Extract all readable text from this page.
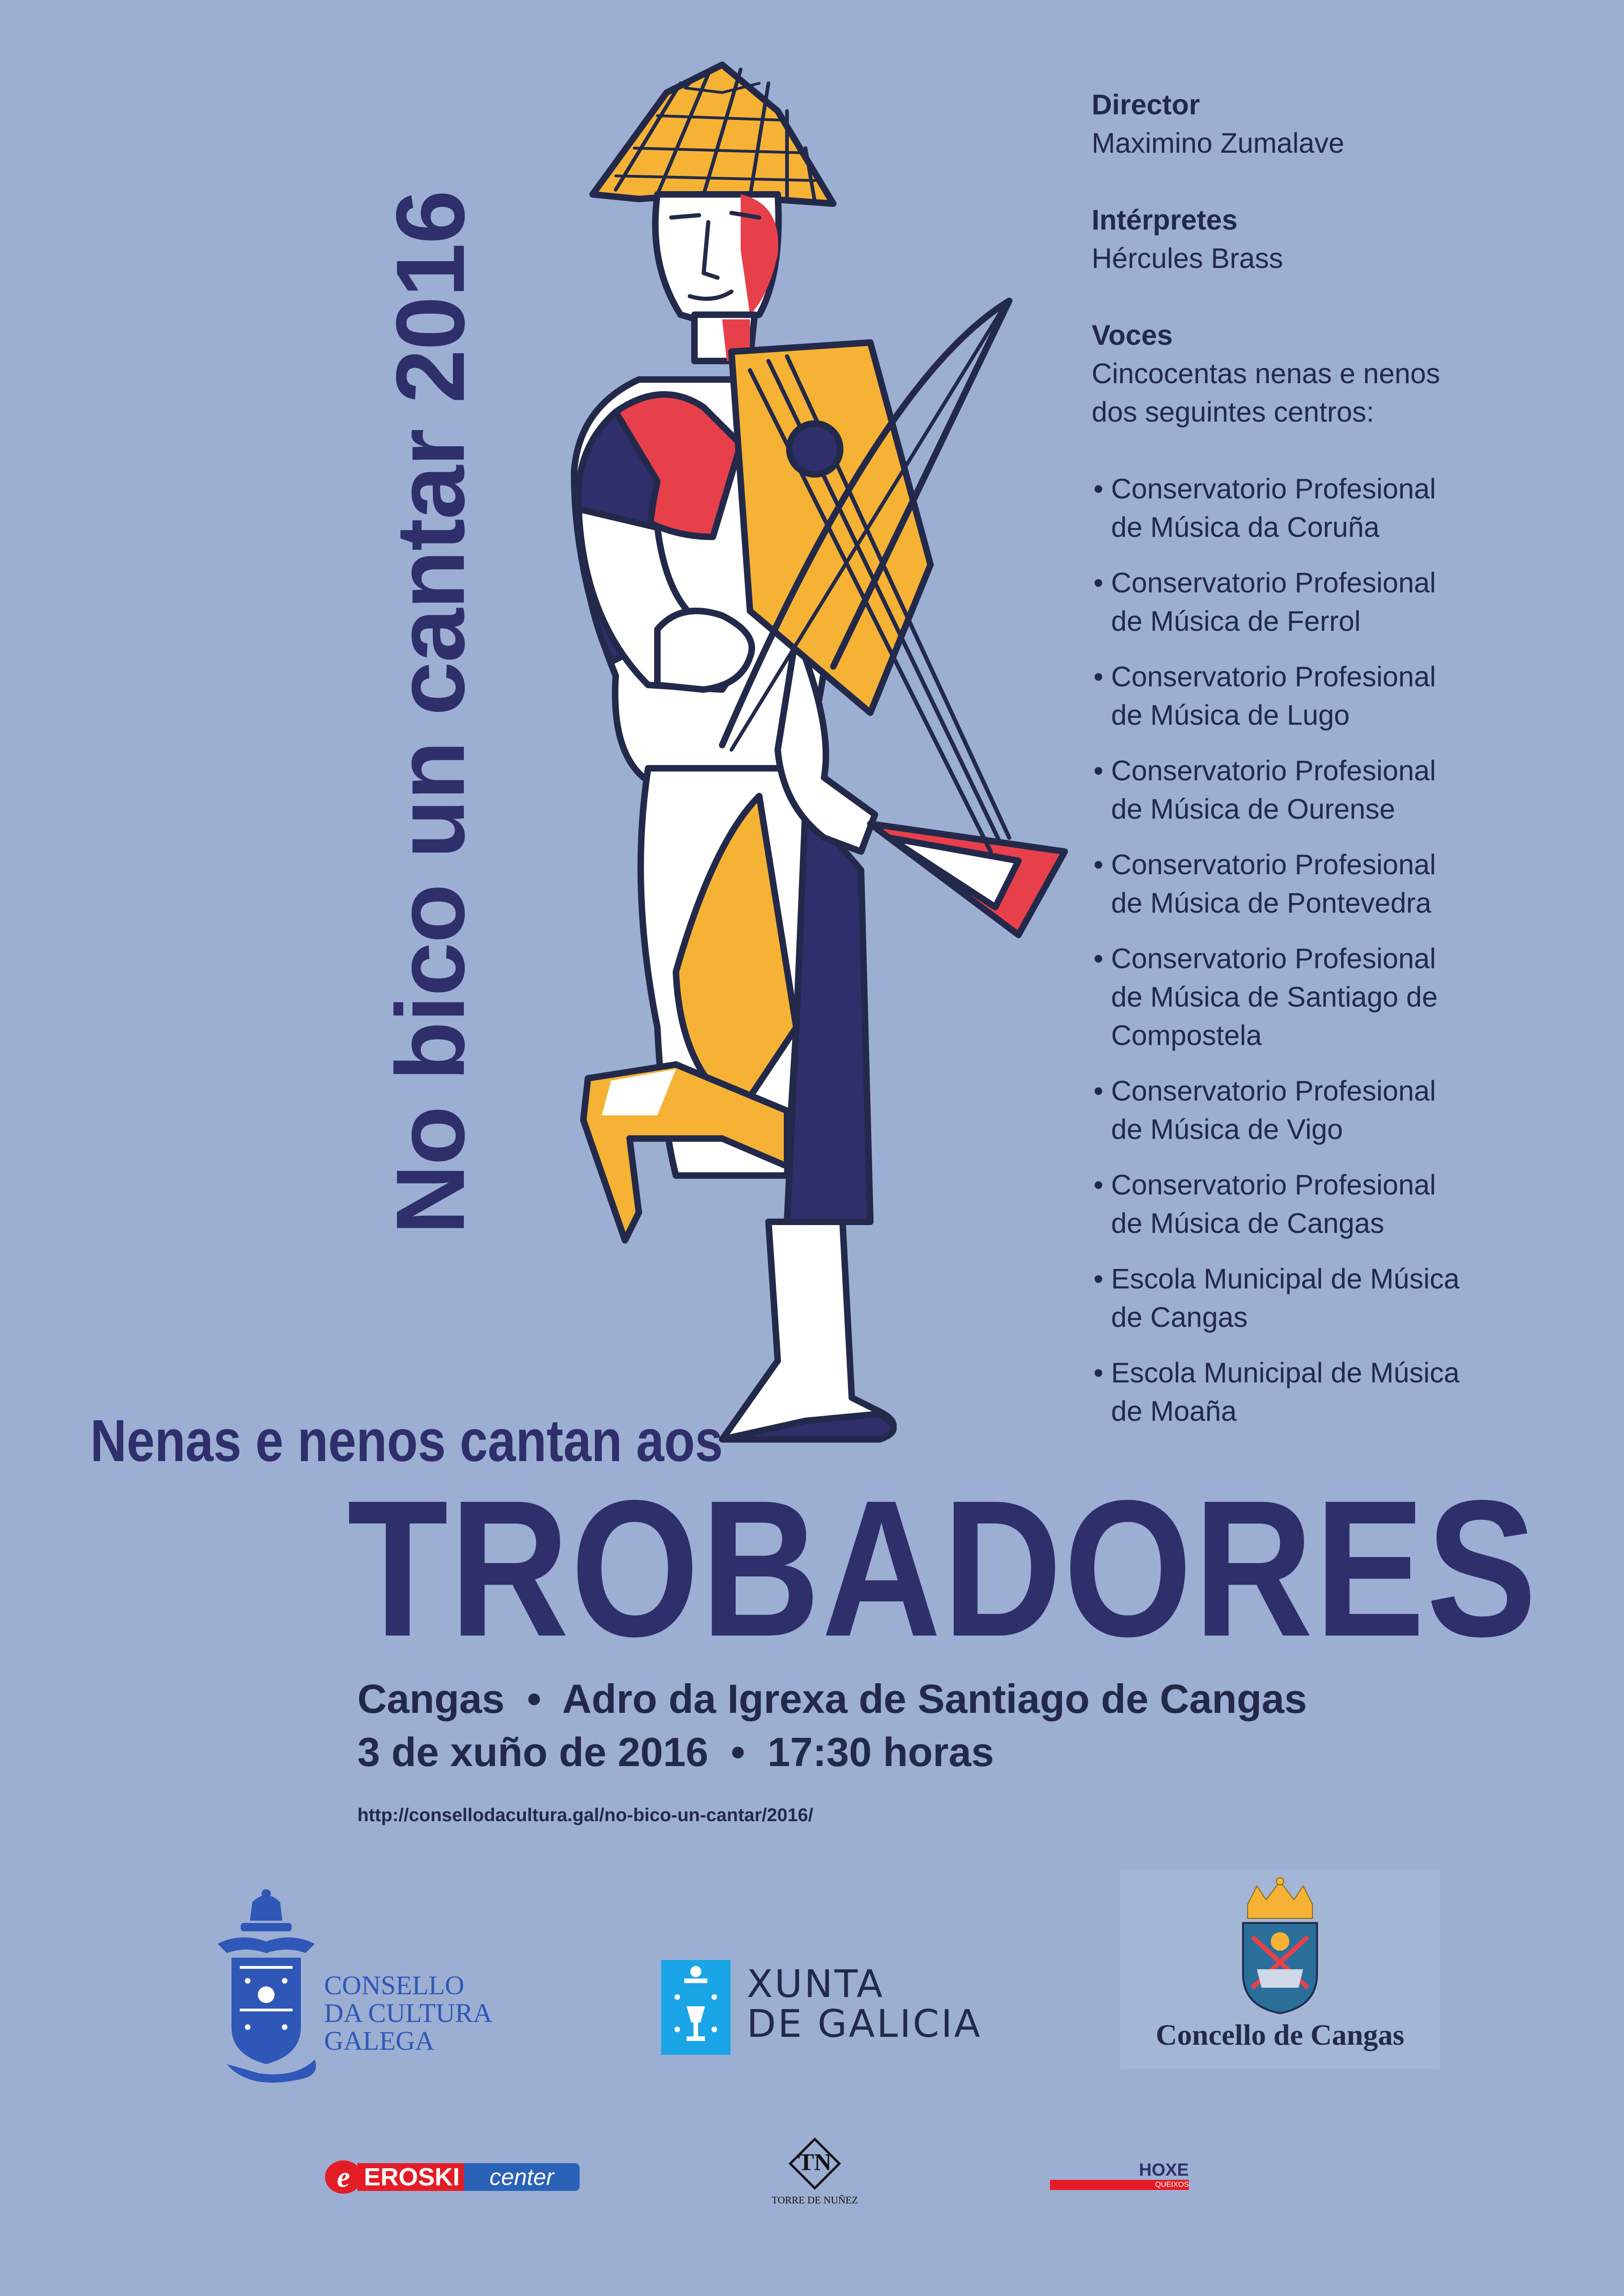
No bico un cantar 2016
Director
Maximino Zumalave
Intérpretes
Hércules Brass
Voces
Cincocentas nenas e nenos
dos seguintes centros:
• Conservatorio Profesional
de Música da Coruña
• Conservatorio Profesional
de Música de Ferrol
• Conservatorio Profesional
de Música de Lugo
• Conservatorio Profesional
de Música de Ourense
• Conservatorio Profesional
de Música de Pontevedra
• Conservatorio Profesional
de Música de Santiago de
Compostela
• Conservatorio Profesional
de Música de Vigo
• Conservatorio Profesional
de Música de Cangas
• Escola Municipal de Música
de Cangas
• Escola Municipal de Música
de Moaña
Nenas e nenos cantan aos
TROBADORES
Cangas • Adro da Igrexa de Santiago de Cangas
3 de xuño de 2016 • 17:30 horas
http://consellodacultura.gal/no-bico-un-cantar/2016/
CONSELLO
DA CULTURA
GALEGA
XUNTA
DE GALICIA	Concello de Cangas
e EROSKI	center
TN
TORRE DE NUÑEZ
HOXE
QUEIXOS
